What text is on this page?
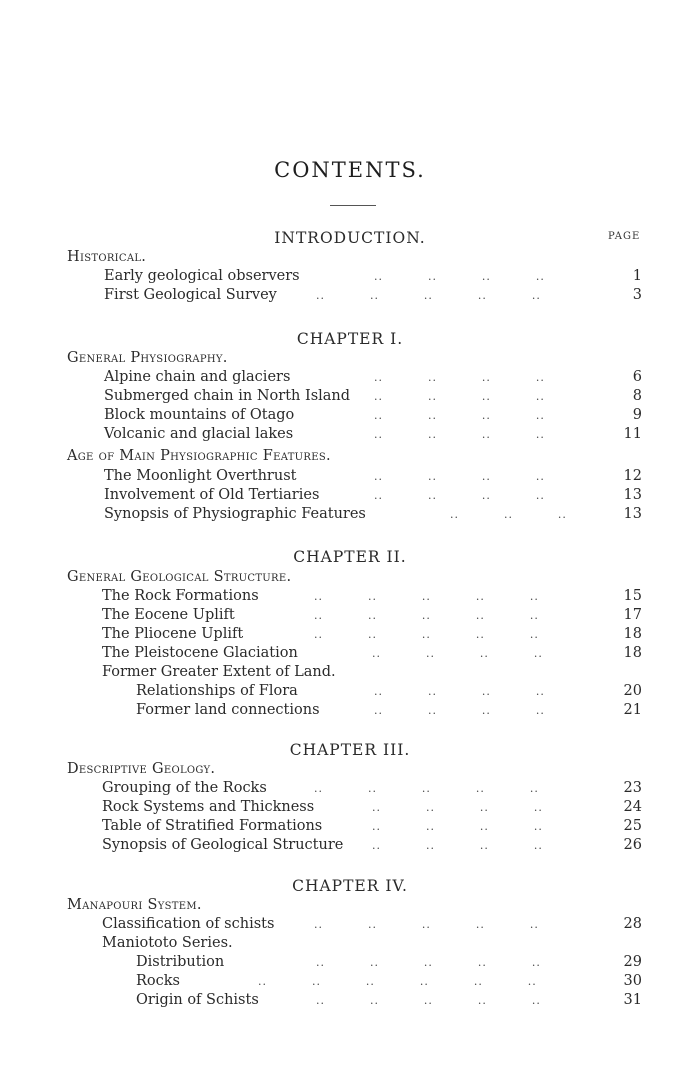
CONTENTS.
INTRODUCTION.	PAGE
Historical.
Early geological observers	..          ..          ..          ..	1
First Geological Survey	..          ..          ..          ..          ..	3
CHAPTER I.
General Physiography.
Alpine chain and glaciers	..          ..          ..          ..	6
Submerged chain in North Island ..          ..          ..          ..	8
Block mountains of Otago	..          ..          ..          ..	9
Volcanic and glacial lakes	..          ..          ..          ..	11
Age of Main Physiographic Features.
The Moonlight Overthrust	..          ..          ..          ..	12
Involvement of Old Tertiaries	..          ..          ..          ..	13
Synopsis of Physiographic Features	..          ..          ..	13
CHAPTER II.
General Geological Structure.
The Rock Formations	..          ..          ..          ..          ..	15
The Eocene Uplift	..          ..          ..          ..          ..	17
The Pliocene Uplift	..          ..          ..          ..          ..	18
The Pleistocene Glaciation	..          ..          ..          ..	18
Former Greater Extent of Land.
Relationships of Flora	..          ..          ..          ..	20
Former land connections	..          ..          ..          ..	21
CHAPTER III.
Descriptive Geology.
Grouping of the Rocks	..          ..          ..          ..          ..	23
Rock Systems and Thickness	..          ..          ..          ..	24
Table of Stratified Formations	..          ..          ..          ..	25
Synopsis of Geological Structure	..          ..          ..          ..	26
CHAPTER IV.
Manapouri System.
Classification of schists	..          ..          ..          ..          ..	28
Maniototo Series.
Distribution	..          ..          ..          ..          ..	29
Rocks	..          ..          ..          ..          ..          ..	30
Origin of Schists	..          ..          ..          ..          ..	31
